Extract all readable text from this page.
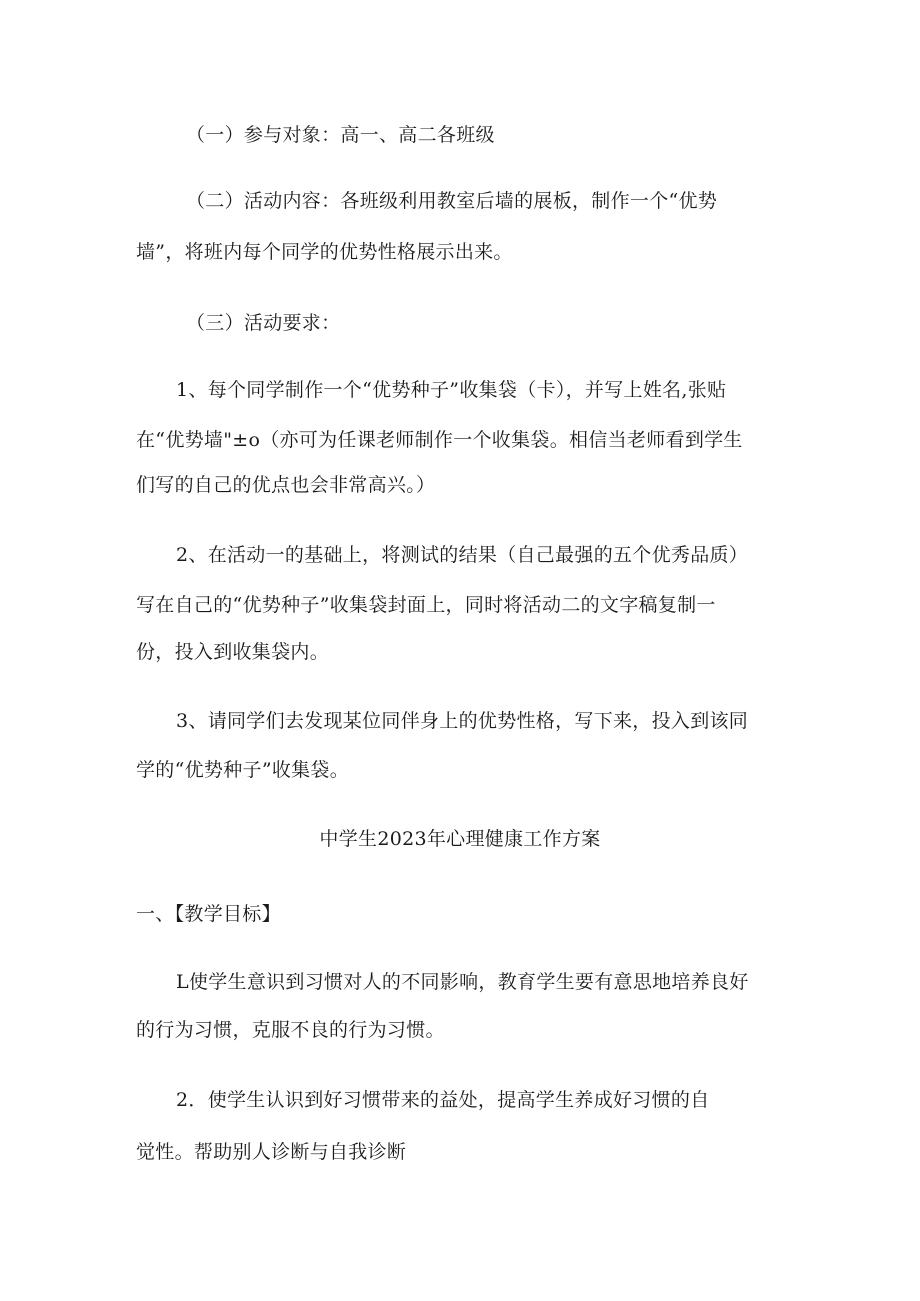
（一）参与对象：高一、高二各班级
（二）活动内容：各班级利用教室后墙的展板，制作一个“优势
墙”，将班内每个同学的优势性格展示出来。
（三）活动要求：
1、每个同学制作一个“优势种子”收集袋（卡），并写上姓名,张贴
在“优势墙"±o（亦可为任课老师制作一个收集袋。相信当老师看到学生
们写的自己的优点也会非常高兴。）
2、在活动一的基础上，将测试的结果（自己最强的五个优秀品质）
写在自己的“优势种子”收集袋封面上，同时将活动二的文字稿复制一
份，投入到收集袋内。
3、请同学们去发现某位同伴身上的优势性格，写下来，投入到该同
学的“优势种子”收集袋。
中学生2023年心理健康工作方案
一、【教学目标】
L使学生意识到习惯对人的不同影响，教育学生要有意思地培养良好
的行为习惯，克服不良的行为习惯。
2．使学生认识到好习惯带来的益处，提高学生养成好习惯的自
觉性。帮助别人诊断与自我诊断
